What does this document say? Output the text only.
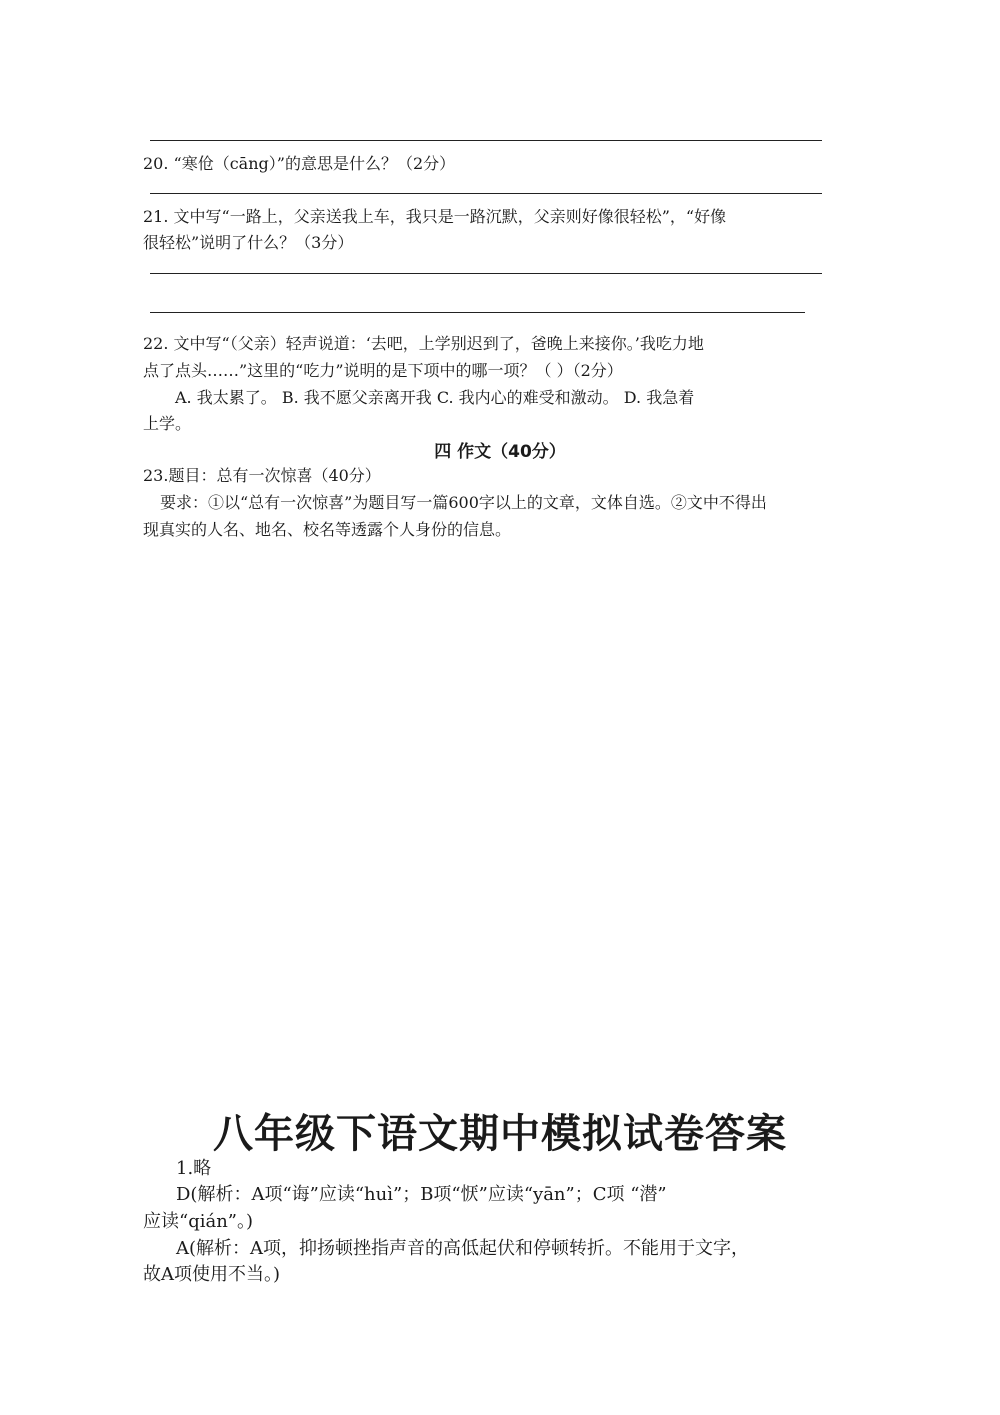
20. “寒伧（cāng）”的意思是什么？（2分）
21. 文中写“一路上，父亲送我上车，我只是一路沉默，父亲则好像很轻松”，“好像
很轻松”说明了什么？（3分）
22. 文中写“（父亲）轻声说道：‘去吧，上学别迟到了，爸晚上来接你。’我吃力地
点了点头……”这里的“吃力”说明的是下项中的哪一项？（ ）（2分）
A. 我太累了。 B. 我不愿父亲离开我 C. 我内心的难受和激动。 D. 我急着
上学。
四 作文（40分）
23.题目：总有一次惊喜（40分）
要求：①以“总有一次惊喜”为题目写一篇600字以上的文章，文体自选。②文中不得出
现真实的人名、地名、校名等透露个人身份的信息。
八年级下语文期中模拟试卷答案
1.略
D(解析：A项“诲”应读“huì”；B项“恹”应读“yān”；C项 “潜”
应读“qián”。)
A(解析：A项，抑扬顿挫指声音的高低起伏和停顿转折。不能用于文字，
故A项使用不当。)
